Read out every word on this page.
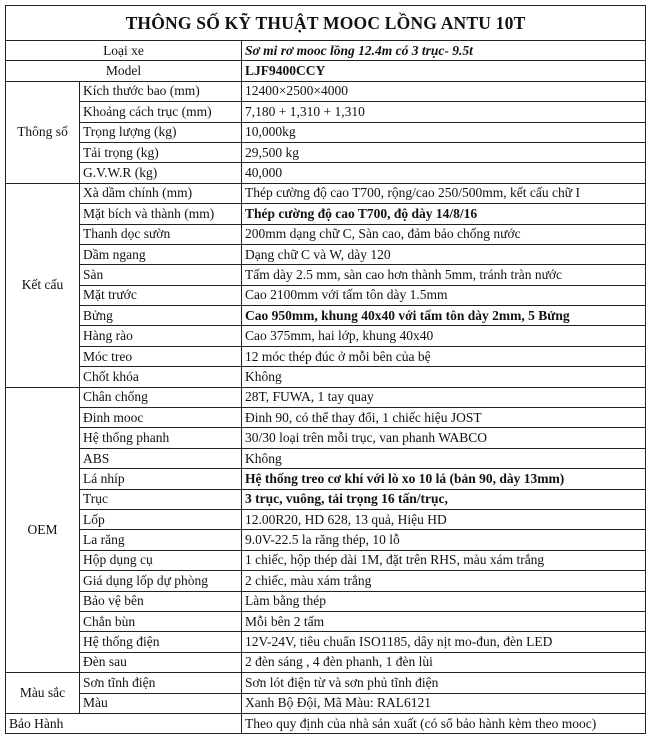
THÔNG SỐ KỸ THUẬT MOOC LỒNG ANTU 10T		
Loại xe		Sơ mi rơ mooc lồng 12.4m có 3 trục- 9.5t
Model		LJF9400CCY
Thông số	Kích thước bao (mm)	12400×2500×4000
	Khoảng cách trục (mm)	7,180 + 1,310 + 1,310
	Trọng lượng (kg)	10,000kg
	Tải trọng (kg)	29,500 kg
	G.V.W.R (kg)	40,000
Kết cấu	Xà dầm chính (mm)	Thép cường độ cao T700, rộng/cao 250/500mm, kết cấu chữ I
	Mặt bích và thành (mm)	Thép cường độ cao T700, độ dày 14/8/16
	Thanh dọc sườn	200mm dạng chữ C, Sàn cao, đảm bảo chống nước
	Dầm ngang	Dạng chữ C và W, dày 120
	Sàn	Tấm dày 2.5 mm, sàn cao hơn thành 5mm, tránh tràn nước
	Mặt trước	Cao 2100mm với tấm tôn dày 1.5mm
	Bửng	Cao 950mm, khung 40x40 với tấm tôn dày 2mm, 5 Bửng
	Hàng rào	Cao 375mm, hai lớp, khung 40x40
	Móc treo	12 móc thép đúc ở mỗi bên của bệ
	Chốt khóa	Không
OEM	Chân chống	28T, FUWA, 1 tay quay
	Đinh mooc	Đinh 90, có thể thay đổi, 1 chiếc hiệu JOST
	Hệ thống phanh	30/30 loại trên mỗi trục, van phanh WABCO
	ABS	Không
	Lá nhíp	Hệ thống treo cơ khí với lò xo 10 lá (bản 90, dày 13mm)
	Trục	3 trục, vuông, tải trọng 16 tấn/trục,
	Lốp	12.00R20, HD 628, 13 quả, Hiệu HD
	La răng	9.0V-22.5 la răng thép, 10 lỗ
	Hộp dụng cụ	1 chiếc, hộp thép dài 1M, đặt trên RHS, màu xám trắng
	Giá dụng lốp dự phòng	2 chiếc, màu xám trắng
	Bảo vệ bên	Làm bằng thép
	Chắn bùn	Mỗi bên 2 tấm
	Hệ thống điện	12V-24V, tiêu chuẩn ISO1185, dây nịt mo-đun, đèn LED
	Đèn sau	2 đèn sáng , 4 đèn phanh, 1 đèn lùi
Màu sắc	Sơn tĩnh điện	Sơn lót điện từ và sơn phủ tĩnh điện
	Màu	Xanh Bộ Đội, Mã Màu: RAL6121
Bảo Hành		Theo quy định của nhà sản xuất (có sổ bảo hành kèm theo mooc)
